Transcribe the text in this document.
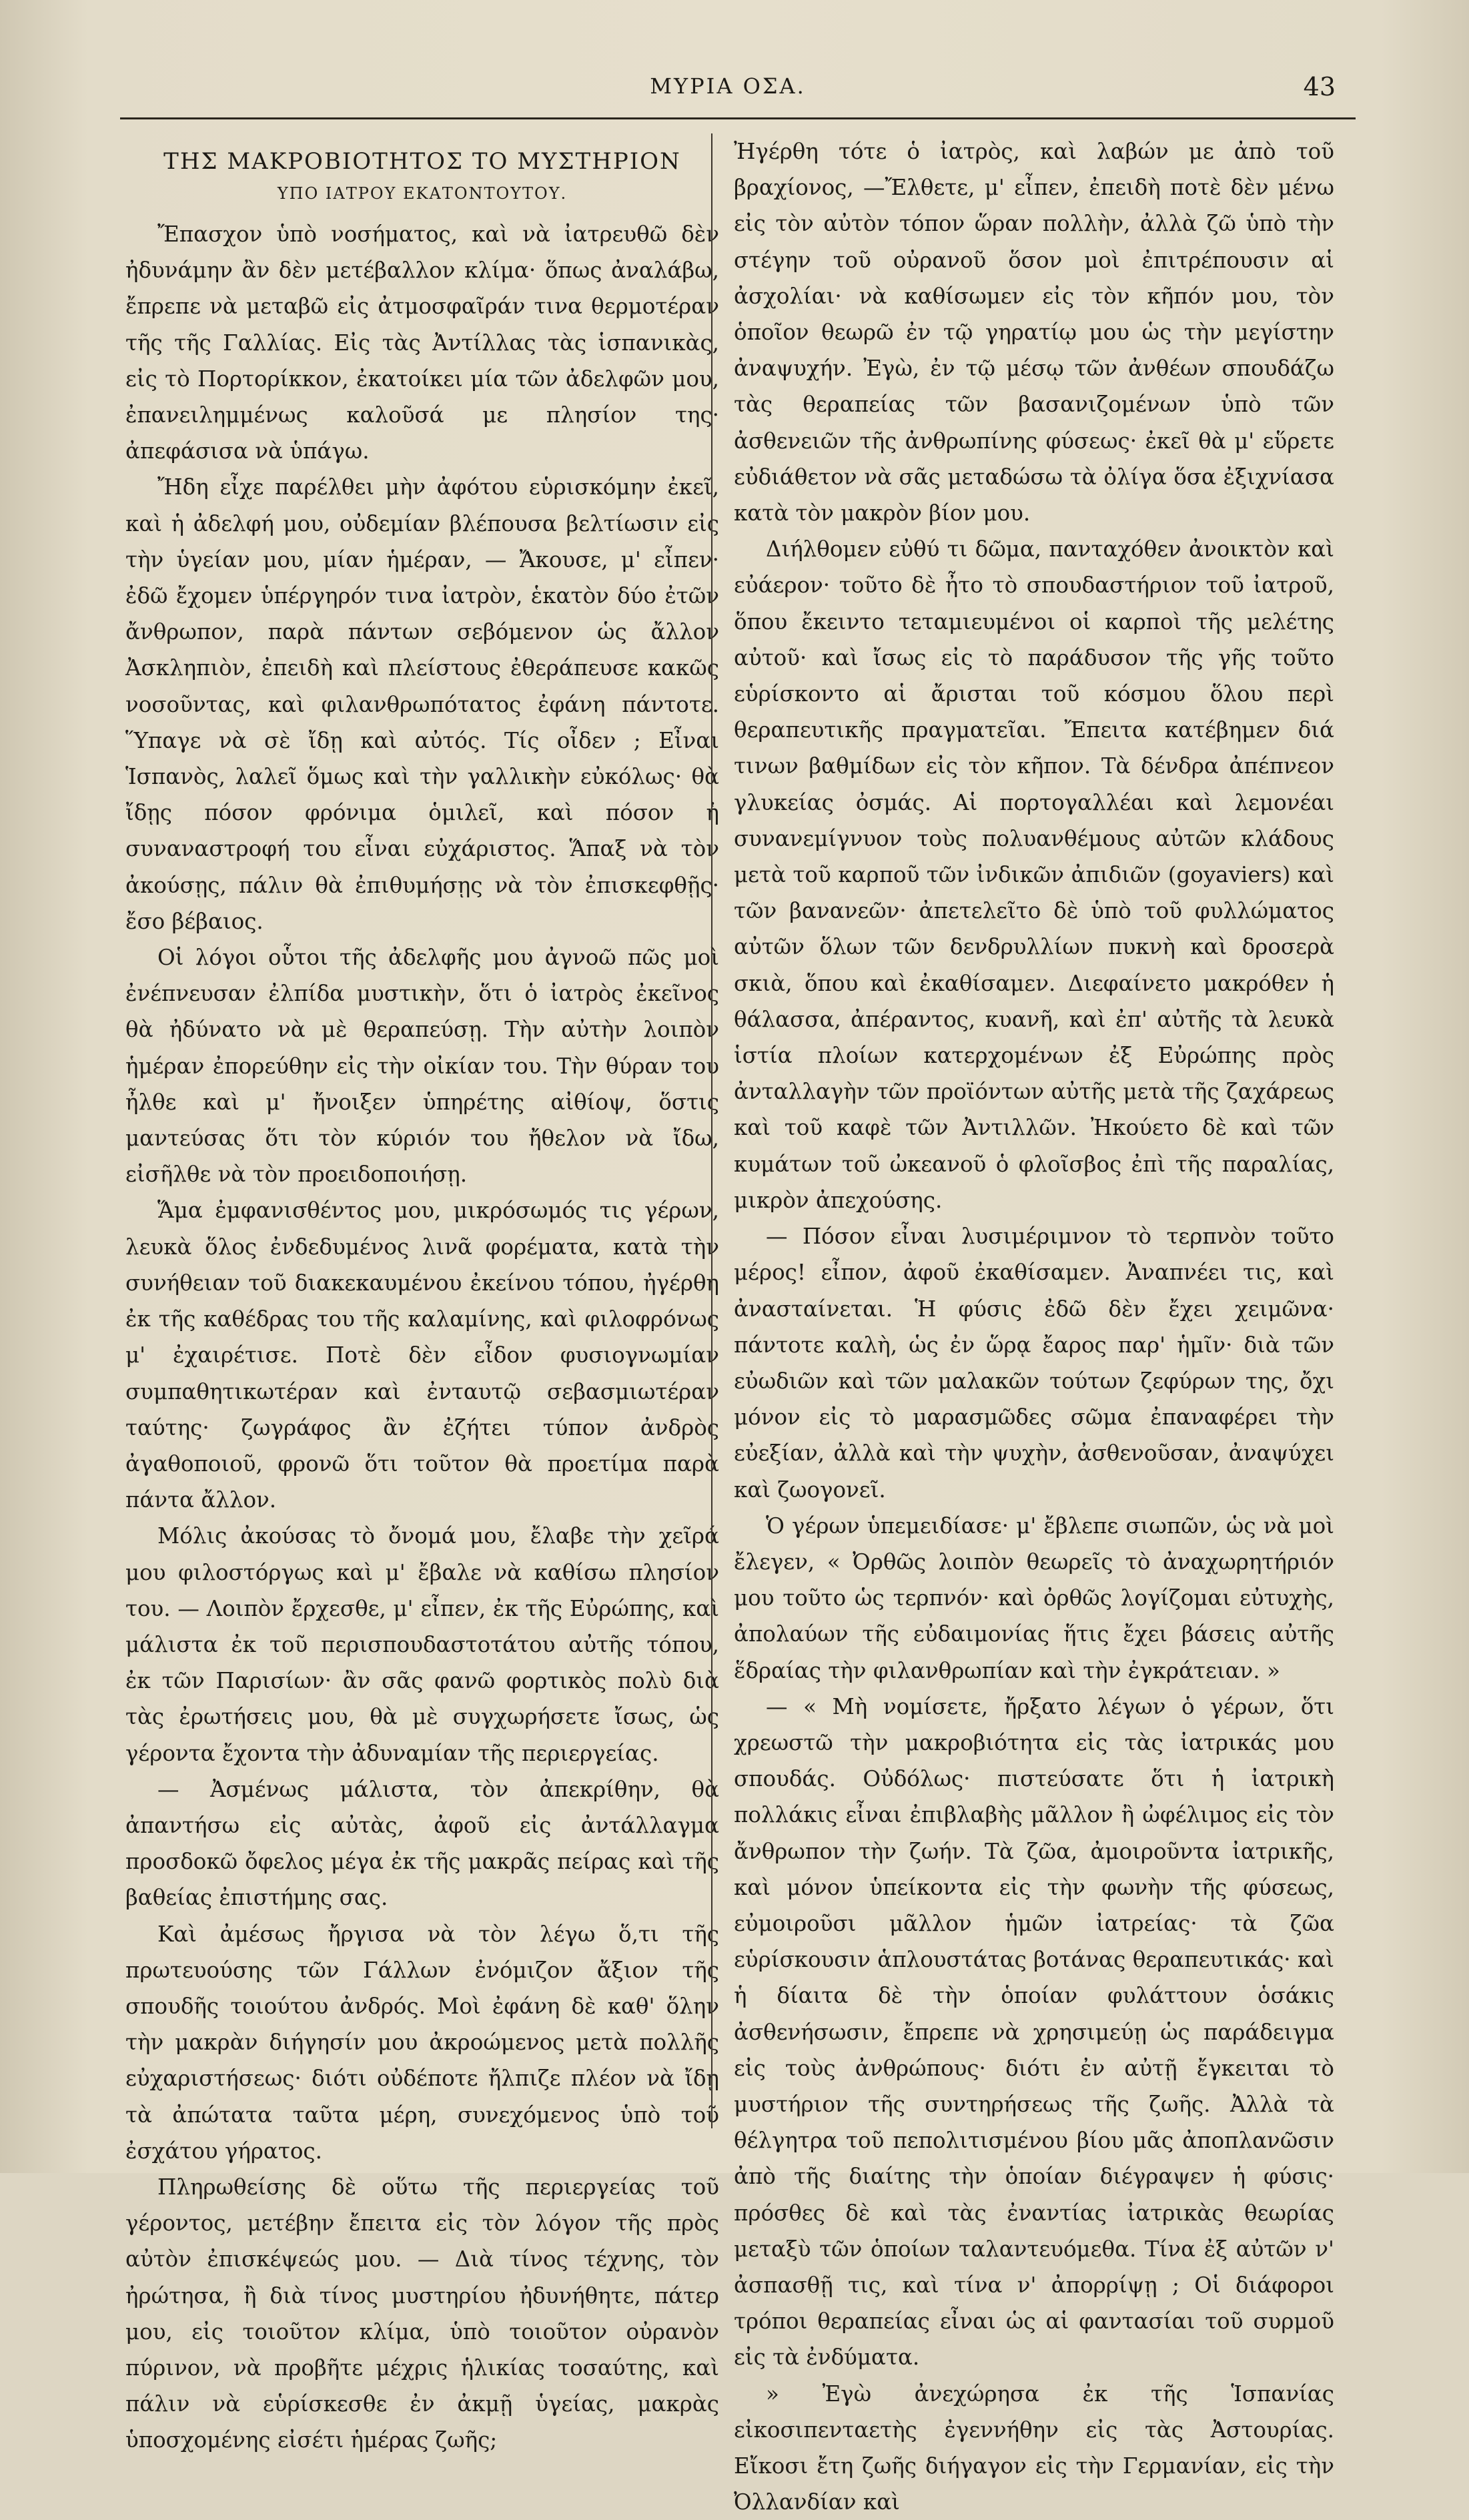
ΜΥΡΙΑ ΟΣΑ.	43
ΤΗΣ ΜΑΚΡΟΒΙΟΤΗΤΟΣ ΤΟ ΜΥΣΤΗΡΙΟΝ
ΥΠΟ ΙΑΤΡΟΥ ΕΚΑΤΟΝΤΟΥΤΟΥ.

Ἔπασχον ὑπὸ νοσήματος, καὶ νὰ ἰατρευθῶ δὲν ἠδυνάμην ἂν δὲν μετέβαλλον κλίμα· ὅπως ἀναλάβω, ἔπρεπε νὰ μεταβῶ εἰς ἀτμοσφαῖράν τινα θερμοτέραν τῆς τῆς Γαλλίας. Εἰς τὰς Ἀντίλλας τὰς ἱσπανικὰς, εἰς τὸ Πορτορίκκον, ἐκατοίκει μία τῶν ἀδελφῶν μου, ἐπανειλημμένως καλοῦσά με πλησίον της· ἀπεφάσισα νὰ ὑπάγω.

Ἤδη εἶχε παρέλθει μὴν ἀφότου εὑρισκόμην ἐκεῖ, καὶ ἡ ἀδελφή μου, οὐδεμίαν βλέπουσα βελτίωσιν εἰς τὴν ὑγείαν μου, μίαν ἡμέραν, — Ἄκουσε, μ' εἶπεν· ἐδῶ ἔχομεν ὑπέργηρόν τινα ἰατρὸν, ἑκατὸν δύο ἐτῶν ἄνθρωπον, παρὰ πάντων σεβόμενον ὡς ἄλλον Ἀσκληπιὸν, ἐπειδὴ καὶ πλείστους ἐθεράπευσε κακῶς νοσοῦντας, καὶ φιλανθρωπότατος ἐφάνη πάντοτε. Ὕπαγε νὰ σὲ ἴδῃ καὶ αὐτός. Τίς οἶδεν ; Εἶναι Ἱσπανὸς, λαλεῖ ὅμως καὶ τὴν γαλλικὴν εὐκόλως· θὰ ἴδῃς πόσον φρόνιμα ὁμιλεῖ, καὶ πόσον ἡ συναναστροφή του εἶναι εὐχάριστος. Ἅπαξ νὰ τὸν ἀκούσῃς, πάλιν θὰ ἐπιθυμήσῃς νὰ τὸν ἐπισκεφθῇς· ἔσο βέβαιος.

Οἱ λόγοι οὗτοι τῆς ἀδελφῆς μου ἀγνοῶ πῶς μοὶ ἐνέπνευσαν ἐλπίδα μυστικὴν, ὅτι ὁ ἰατρὸς ἐκεῖνος θὰ ἠδύνατο νὰ μὲ θεραπεύσῃ. Τὴν αὐτὴν λοιπὸν ἡμέραν ἐπορεύθην εἰς τὴν οἰκίαν του. Τὴν θύραν του ἦλθε καὶ μ' ἤνοιξεν ὑπηρέτης αἰθίοψ, ὅστις μαντεύσας ὅτι τὸν κύριόν του ἤθελον νὰ ἴδω, εἰσῆλθε νὰ τὸν προειδοποιήσῃ.

Ἅμα ἐμφανισθέντος μου, μικρόσωμός τις γέρων, λευκὰ ὅλος ἐνδεδυμένος λινᾶ φορέματα, κατὰ τὴν συνήθειαν τοῦ διακεκαυμένου ἐκείνου τόπου, ἠγέρθη ἐκ τῆς καθέδρας του τῆς καλαμίνης, καὶ φιλοφρόνως μ' ἐχαιρέτισε. Ποτὲ δὲν εἶδον φυσιογνωμίαν συμπαθητικωτέραν καὶ ἐνταυτῷ σεβασμιωτέραν ταύτης· ζωγράφος ἂν ἐζήτει τύπον ἀνδρὸς ἀγαθοποιοῦ, φρονῶ ὅτι τοῦτον θὰ προετίμα παρὰ πάντα ἄλλον.

Μόλις ἀκούσας τὸ ὄνομά μου, ἔλαβε τὴν χεῖρά μου φιλοστόργως καὶ μ' ἔβαλε νὰ καθίσω πλησίον του. — Λοιπὸν ἔρχεσθε, μ' εἶπεν, ἐκ τῆς Εὐρώπης, καὶ μάλιστα ἐκ τοῦ περισπουδαστοτάτου αὐτῆς τόπου, ἐκ τῶν Παρισίων· ἂν σᾶς φανῶ φορτικὸς πολὺ διὰ τὰς ἐρωτήσεις μου, θὰ μὲ συγχωρήσετε ἴσως, ὡς γέροντα ἔχοντα τὴν ἀδυναμίαν τῆς περιεργείας.

— Ἀσμένως μάλιστα, τὸν ἀπεκρίθην, θὰ ἀπαντήσω εἰς αὐτὰς, ἀφοῦ εἰς ἀντάλλαγμα προσδοκῶ ὄφελος μέγα ἐκ τῆς μακρᾶς πείρας καὶ τῆς βαθείας ἐπιστήμης σας.

Καὶ ἀμέσως ἤργισα νὰ τὸν λέγω ὅ,τι τῆς πρωτευούσης τῶν Γάλλων ἐνόμιζον ἄξιον τῆς σπουδῆς τοιούτου ἀνδρός. Μοὶ ἐφάνη δὲ καθ' ὅλην τὴν μακρὰν διήγησίν μου ἀκροώμενος μετὰ πολλῆς εὐχαριστήσεως· διότι οὐδέποτε ἤλπιζε πλέον νὰ ἴδῃ τὰ ἀπώτατα ταῦτα μέρη, συνεχόμενος ὑπὸ τοῦ ἐσχάτου γήρατος.

Πληρωθείσης δὲ οὕτω τῆς περιεργείας τοῦ γέροντος, μετέβην ἔπειτα εἰς τὸν λόγον τῆς πρὸς αὐτὸν ἐπισκέψεώς μου. — Διὰ τίνος τέχνης, τὸν ἠρώτησα, ἢ διὰ τίνος μυστηρίου ἠδυνήθητε, πάτερ μου, εἰς τοιοῦτον κλίμα, ὑπὸ τοιοῦτον οὐρανὸν πύρινον, νὰ προβῆτε μέχρις ἡλικίας τοσαύτης, καὶ πάλιν νὰ εὑρίσκεσθε ἐν ἀκμῇ ὑγείας, μακρὰς ὑποσχομένης εἰσέτι ἡμέρας ζωῆς;

Ἠγέρθη τότε ὁ ἰατρὸς, καὶ λαβών με ἀπὸ τοῦ βραχίονος, —Ἔλθετε, μ' εἶπεν, ἐπειδὴ ποτὲ δὲν μένω εἰς τὸν αὐτὸν τόπον ὥραν πολλὴν, ἀλλὰ ζῶ ὑπὸ τὴν στέγην τοῦ οὐρανοῦ ὅσον μοὶ ἐπιτρέπουσιν αἱ ἀσχολίαι· νὰ καθίσωμεν εἰς τὸν κῆπόν μου, τὸν ὁποῖον θεωρῶ ἐν τῷ γηρατίῳ μου ὡς τὴν μεγίστην ἀναψυχήν. Ἐγὼ, ἐν τῷ μέσῳ τῶν ἀνθέων σπουδάζω τὰς θεραπείας τῶν βασανιζομένων ὑπὸ τῶν ἀσθενειῶν τῆς ἀνθρωπίνης φύσεως· ἐκεῖ θὰ μ' εὕρετε εὐδιάθετον νὰ σᾶς μεταδώσω τὰ ὀλίγα ὅσα ἐξιχνίασα κατὰ τὸν μακρὸν βίον μου.

Διήλθομεν εὐθύ τι δῶμα, πανταχόθεν ἀνοικτὸν καὶ εὐάερον· τοῦτο δὲ ἦτο τὸ σπουδαστήριον τοῦ ἰατροῦ, ὅπου ἔκειντο τεταμιευμένοι οἱ καρποὶ τῆς μελέτης αὐτοῦ· καὶ ἴσως εἰς τὸ παράδυσον τῆς γῆς τοῦτο εὑρίσκοντο αἱ ἄρισται τοῦ κόσμου ὅλου περὶ θεραπευτικῆς πραγματεῖαι. Ἔπειτα κατέβημεν διά τινων βαθμίδων εἰς τὸν κῆπον. Τὰ δένδρα ἀπέπνεον γλυκείας ὀσμάς. Αἱ πορτογαλλέαι καὶ λεμονέαι συνανεμίγνυον τοὺς πολυανθέμους αὐτῶν κλάδους μετὰ τοῦ καρποῦ τῶν ἰνδικῶν ἀπιδιῶν (goyaviers) καὶ τῶν βανανεῶν· ἀπετελεῖτο δὲ ὑπὸ τοῦ φυλλώματος αὐτῶν ὅλων τῶν δενδρυλλίων πυκνὴ καὶ δροσερὰ σκιὰ, ὅπου καὶ ἐκαθίσαμεν. Διεφαίνετο μακρόθεν ἡ θάλασσα, ἀπέραντος, κυανῆ, καὶ ἐπ' αὐτῆς τὰ λευκὰ ἱστία πλοίων κατερχομένων ἐξ Εὐρώπης πρὸς ἀνταλλαγὴν τῶν προϊόντων αὐτῆς μετὰ τῆς ζαχάρεως καὶ τοῦ καφὲ τῶν Ἀντιλλῶν. Ἠκούετο δὲ καὶ τῶν κυμάτων τοῦ ὠκεανοῦ ὁ φλοῖσβος ἐπὶ τῆς παραλίας, μικρὸν ἀπεχούσης.

— Πόσον εἶναι λυσιμέριμνον τὸ τερπνὸν τοῦτο μέρος! εἶπον, ἀφοῦ ἐκαθίσαμεν. Ἀναπνέει τις, καὶ ἀνασταίνεται. Ἡ φύσις ἐδῶ δὲν ἔχει χειμῶνα· πάντοτε καλὴ, ὡς ἐν ὥρᾳ ἔαρος παρ' ἡμῖν· διὰ τῶν εὐωδιῶν καὶ τῶν μαλακῶν τούτων ζεφύρων της, ὄχι μόνον εἰς τὸ μαρασμῶδες σῶμα ἐπαναφέρει τὴν εὐεξίαν, ἀλλὰ καὶ τὴν ψυχὴν, ἀσθενοῦσαν, ἀναψύχει καὶ ζωογονεῖ.

Ὁ γέρων ὑπεμειδίασε· μ' ἔβλεπε σιωπῶν, ὡς νὰ μοὶ ἔλεγεν, « Ὀρθῶς λοιπὸν θεωρεῖς τὸ ἀναχωρητήριόν μου τοῦτο ὡς τερπνόν· καὶ ὀρθῶς λογίζομαι εὐτυχὴς, ἀπολαύων τῆς εὐδαιμονίας ἥτις ἔχει βάσεις αὐτῆς ἕδραίας τὴν φιλανθρωπίαν καὶ τὴν ἐγκράτειαν. »

— « Μὴ νομίσετε, ἤρξατο λέγων ὁ γέρων, ὅτι χρεωστῶ τὴν μακροβιότητα εἰς τὰς ἰατρικάς μου σπουδάς. Οὐδόλως· πιστεύσατε ὅτι ἡ ἰατρικὴ πολλάκις εἶναι ἐπιβλαβὴς μᾶλλον ἢ ὠφέλιμος εἰς τὸν ἄνθρωπον τὴν ζωήν. Τὰ ζῶα, ἀμοιροῦντα ἰατρικῆς, καὶ μόνον ὑπείκοντα εἰς τὴν φωνὴν τῆς φύσεως, εὐμοιροῦσι μᾶλλον ἡμῶν ἰατρείας· τὰ ζῶα εὑρίσκουσιν ἁπλουστάτας βοτάνας θεραπευτικάς· καὶ ἡ δίαιτα δὲ τὴν ὁποίαν φυλάττουν ὁσάκις ἀσθενήσωσιν, ἔπρεπε νὰ χρησιμεύῃ ὡς παράδειγμα εἰς τοὺς ἀνθρώπους· διότι ἐν αὐτῇ ἔγκειται τὸ μυστήριον τῆς συντηρήσεως τῆς ζωῆς. Ἀλλὰ τὰ θέλγητρα τοῦ πεπολιτισμένου βίου μᾶς ἀποπλανῶσιν ἀπὸ τῆς διαίτης τὴν ὁποίαν διέγραψεν ἡ φύσις· πρόσθες δὲ καὶ τὰς ἐναντίας ἰατρικὰς θεωρίας μεταξὺ τῶν ὁποίων ταλαντευόμεθα. Τίνα ἐξ αὐτῶν ν' ἀσπασθῇ τις, καὶ τίνα ν' ἀπορρίψῃ ; Οἱ διάφοροι τρόποι θεραπείας εἶναι ὡς αἱ φαντασίαι τοῦ συρμοῦ εἰς τὰ ἐνδύματα.

» Ἐγὼ ἀνεχώρησα ἐκ τῆς Ἱσπανίας εἰκοσιπενταετὴς ἐγεννήθην εἰς τὰς Ἀστουρίας. Εἴκοσι ἔτη ζωῆς διήγαγον εἰς τὴν Γερμανίαν, εἰς τὴν Ὀλλανδίαν καὶ
